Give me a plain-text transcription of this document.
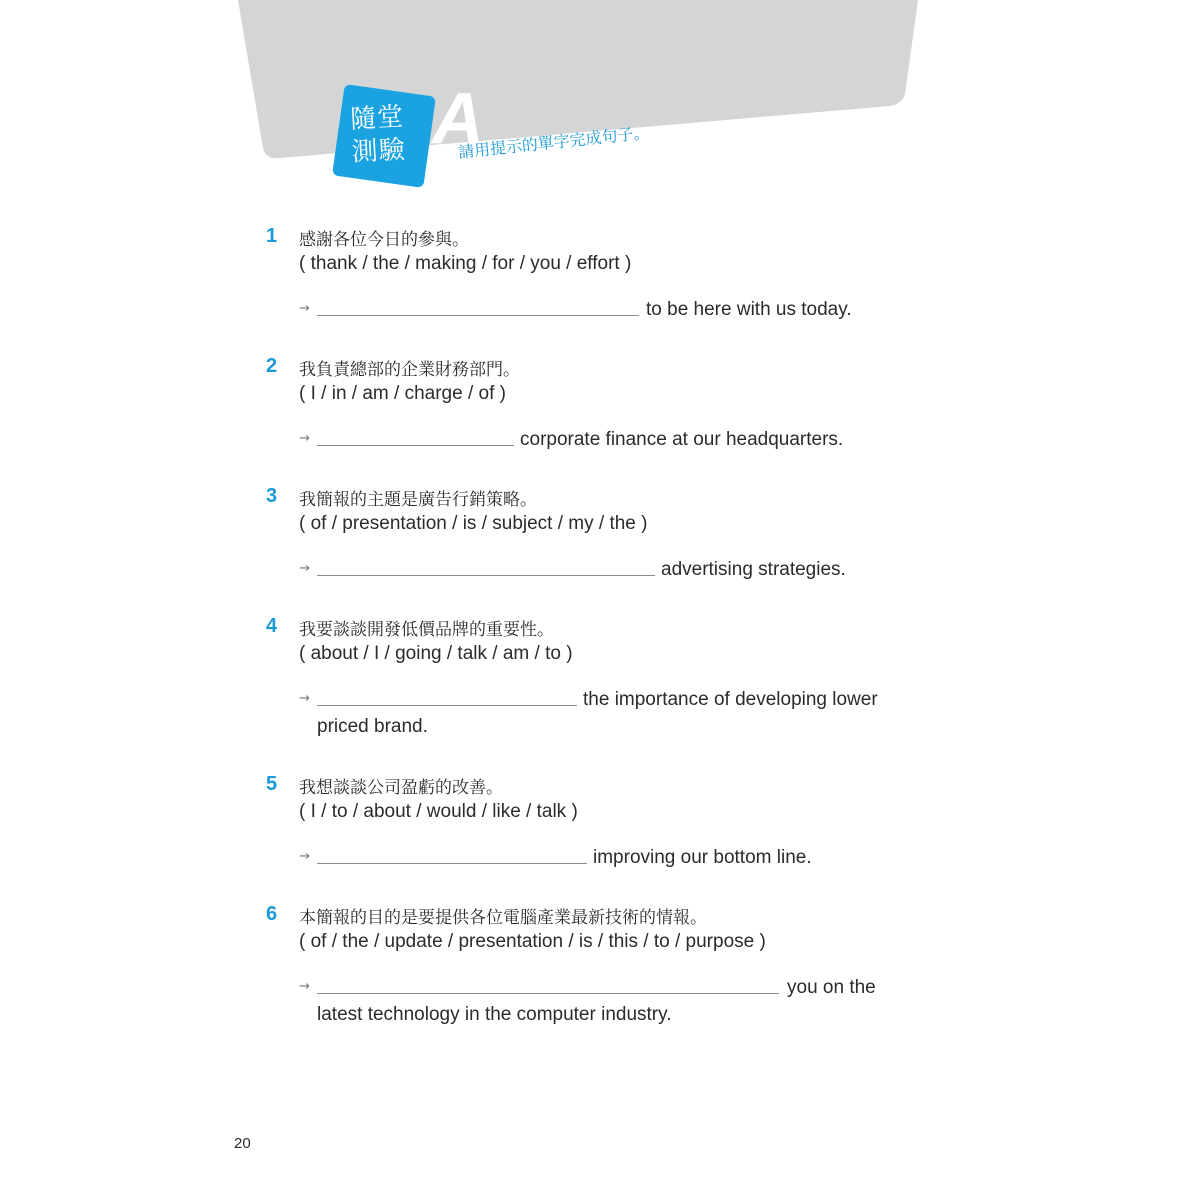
隨堂
測驗 A
請用提示的單字完成句子。
1 感謝各位今日的參與。
( thank / the / making / for / you / effort )
→	to be here with us today.
2 我負責總部的企業財務部門。
( I / in / am / charge / of )
→	corporate finance at our headquarters.
3 我簡報的主題是廣告行銷策略。
( of / presentation / is / subject / my / the )
→	advertising strategies.
4 我要談談開發低價品牌的重要性。
( about / I / going / talk / am / to )
→	the importance of developing lower
priced brand.
5 我想談談公司盈虧的改善。
( I / to / about / would / like / talk )
→	improving our bottom line.
6 本簡報的目的是要提供各位電腦產業最新技術的情報。
( of / the / update / presentation / is / this / to / purpose )
→	you on the
latest technology in the computer industry.
20
